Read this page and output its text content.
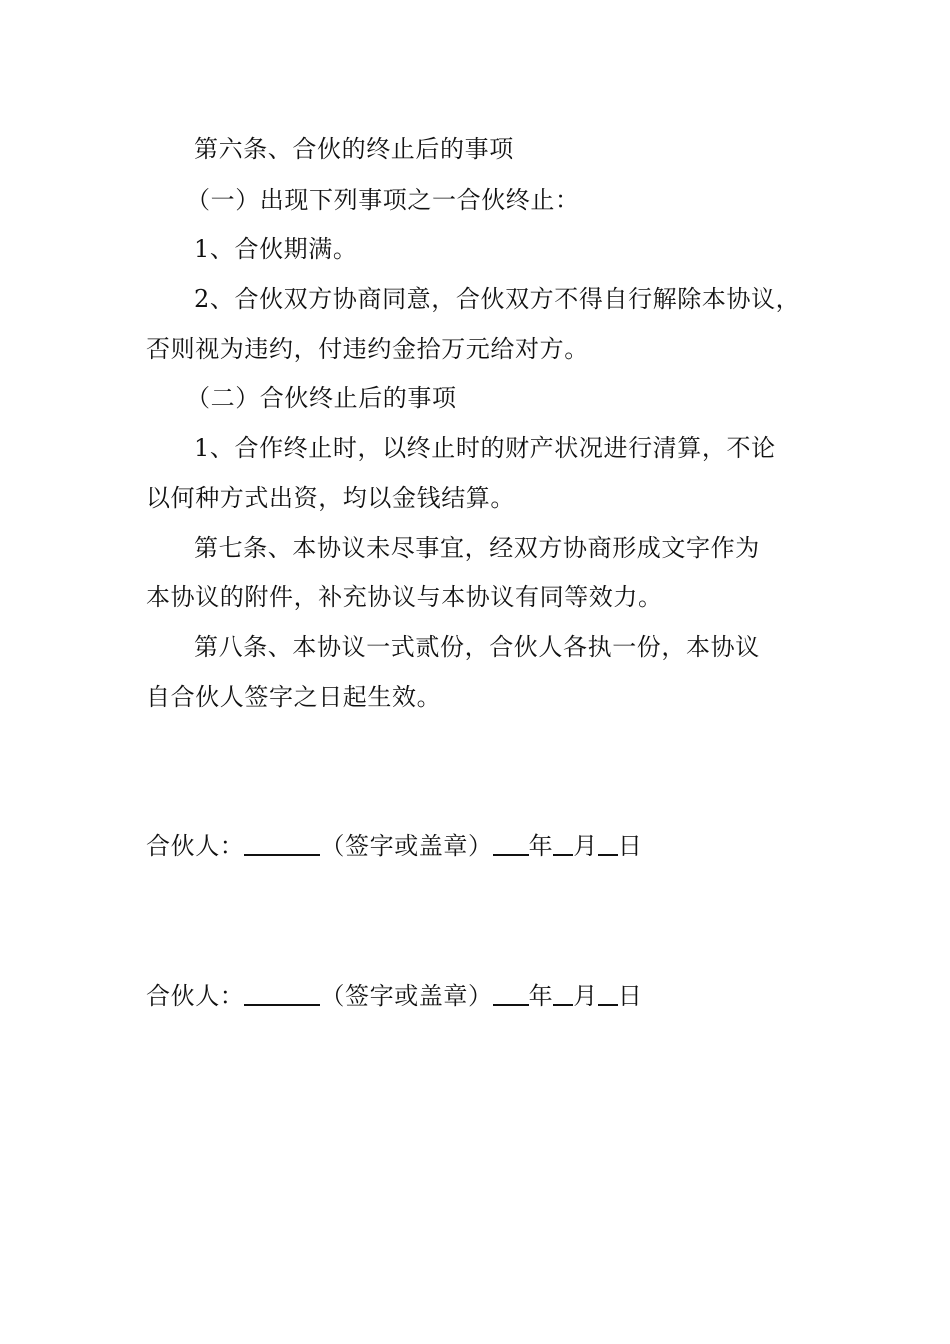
第六条、合伙的终止后的事项
（一）出现下列事项之一合伙终止：
1、合伙期满。
2、合伙双方协商同意，合伙双方不得自行解除本协议，
否则视为违约，付违约金拾万元给对方。
（二）合伙终止后的事项
1、合作终止时，以终止时的财产状况进行清算，不论
以何种方式出资，均以金钱结算。
第七条、本协议未尽事宜，经双方协商形成文字作为
本协议的附件，补充协议与本协议有同等效力。
第八条、本协议一式贰份，合伙人各执一份，本协议
自合伙人签字之日起生效。
合伙人：	（签字或盖章） 年 月 日
合伙人：	（签字或盖章） 年 月 日
